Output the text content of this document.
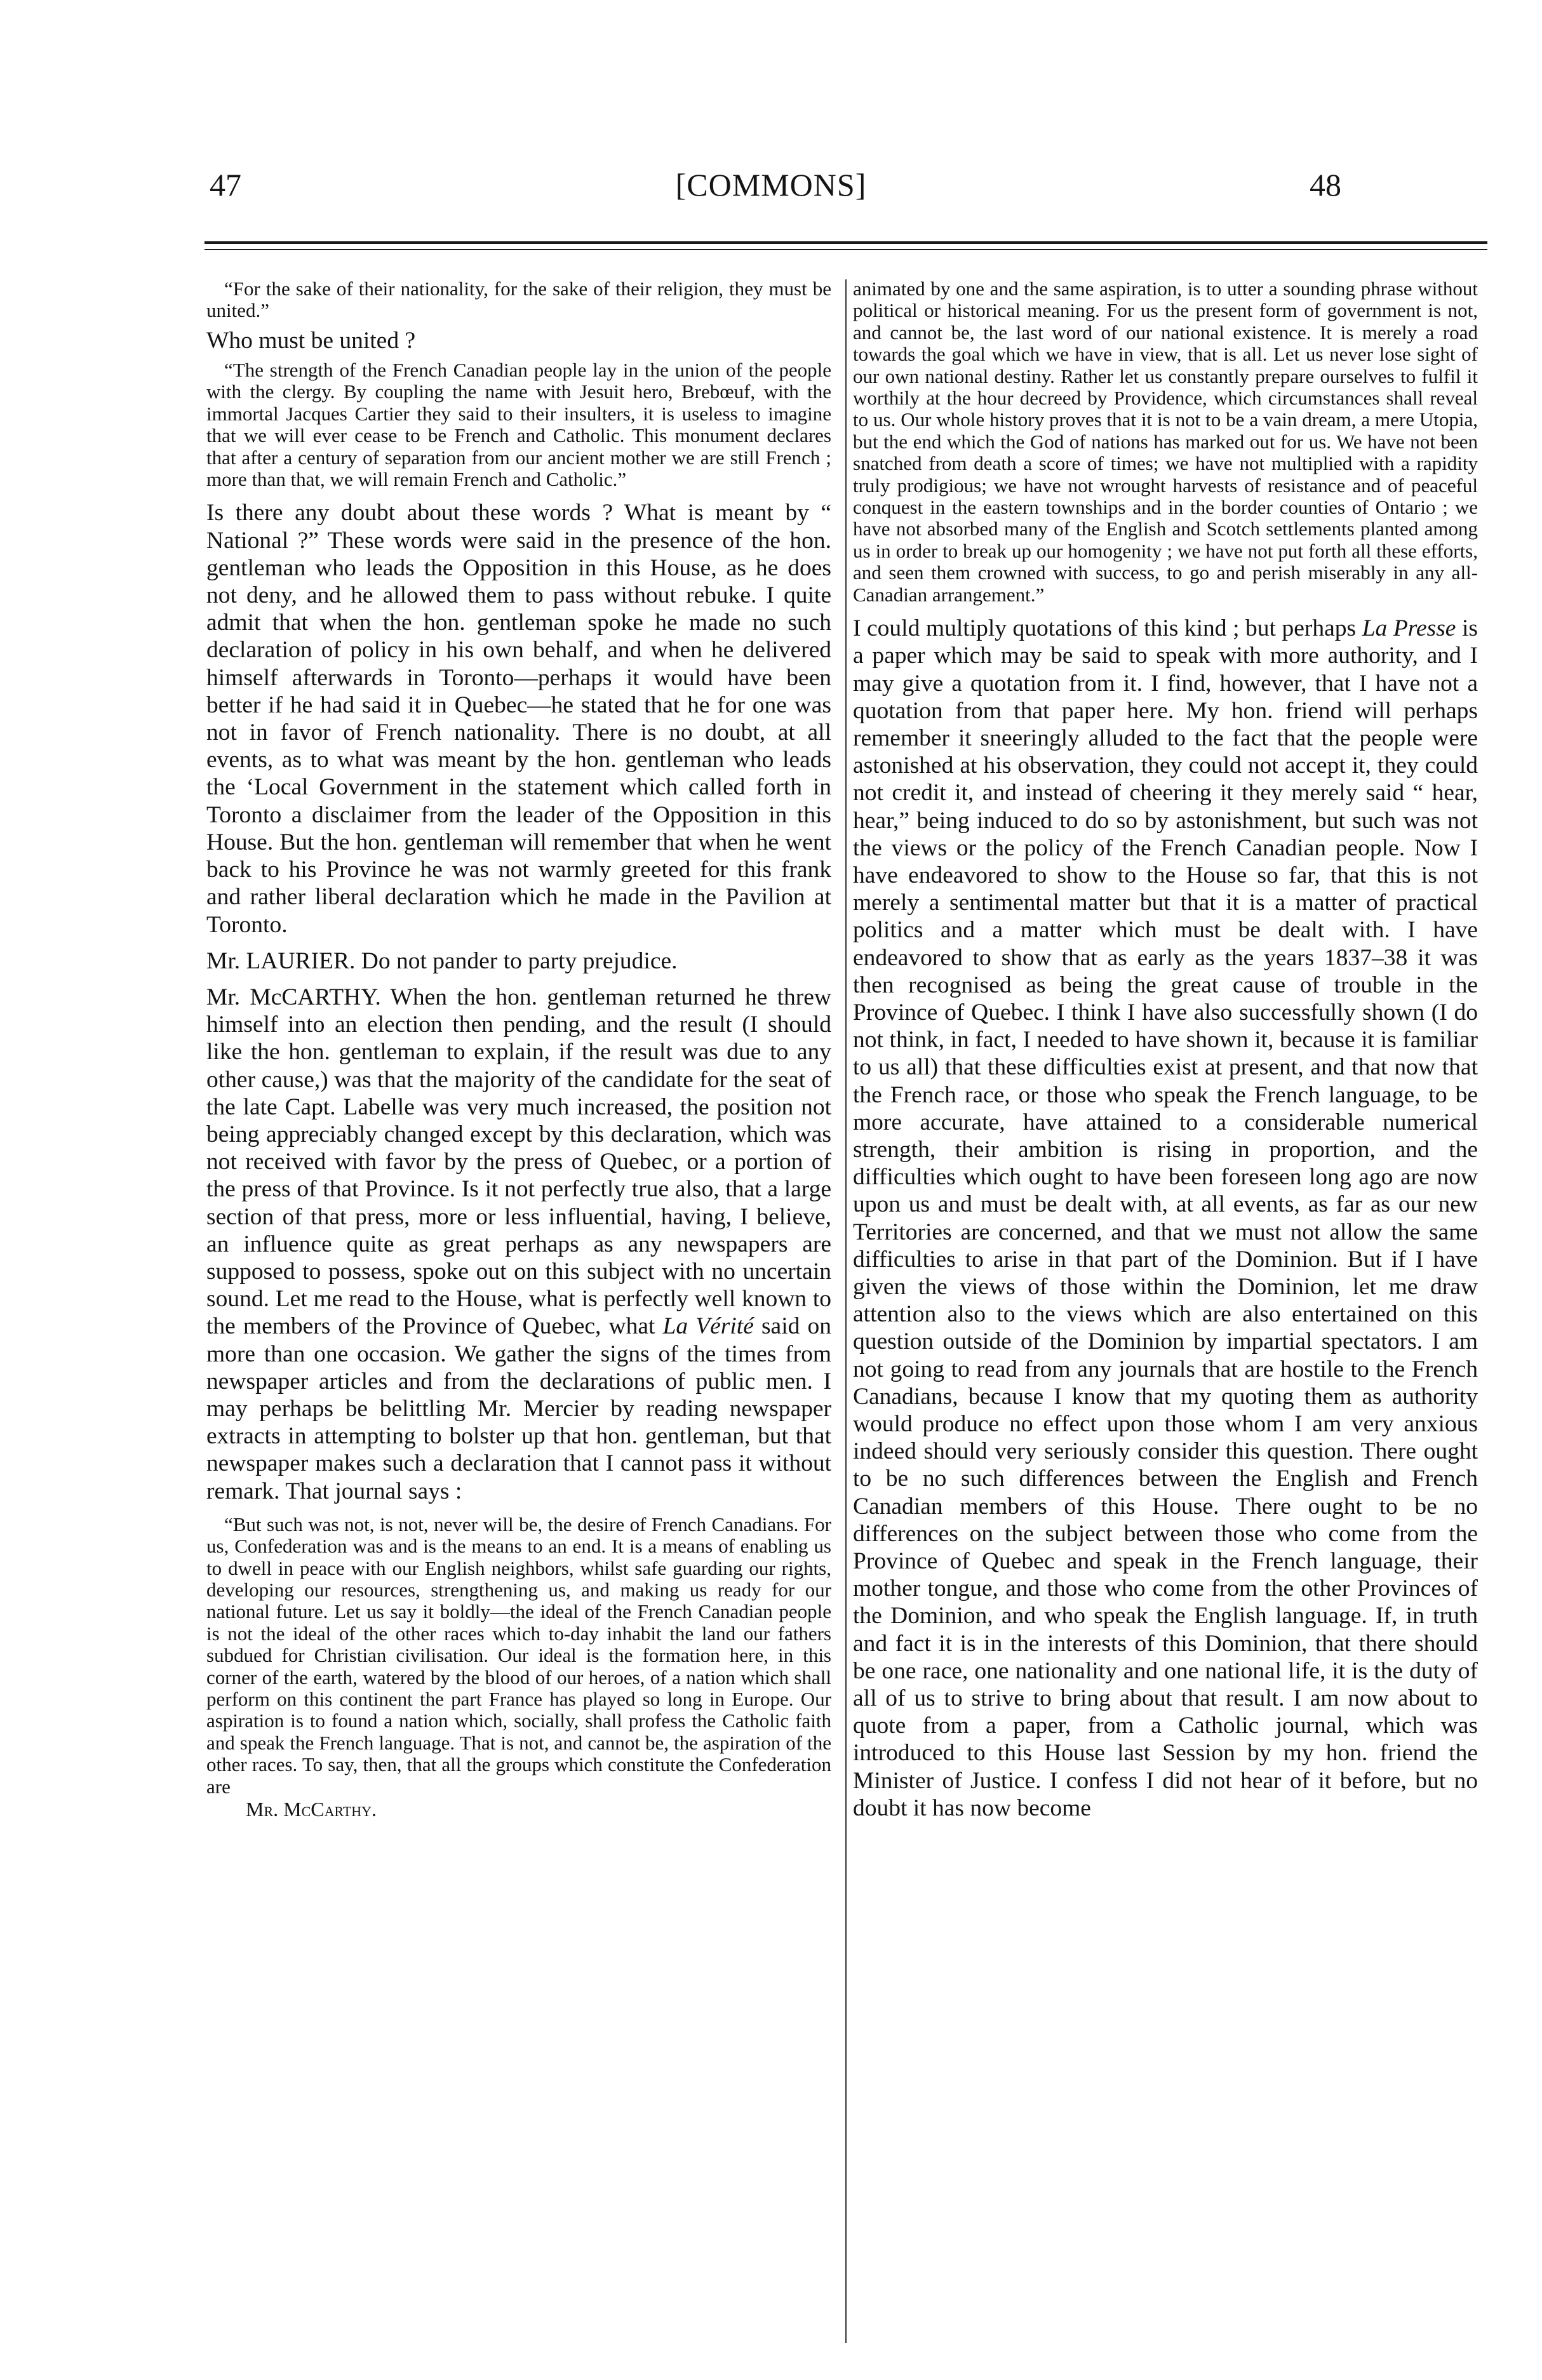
47	[COMMONS]	48

“For the sake of their nationality, for the sake of their religion, they must be united.”

Who must be united ?

“The strength of the French Canadian people lay in the union of the people with the clergy. By coupling the name with Jesuit hero, Brebœuf, with the immortal Jacques Cartier they said to their insulters, it is useless to imagine that we will ever cease to be French and Catholic. This monument declares that after a century of separation from our ancient mother we are still French ; more than that, we will remain French and Catholic.”

Is there any doubt about these words ? What is meant by “ National ?” These words were said in the presence of the hon. gentleman who leads the Opposition in this House, as he does not deny, and he allowed them to pass without rebuke. I quite admit that when the hon. gentleman spoke he made no such declaration of policy in his own behalf, and when he delivered himself afterwards in Toronto—perhaps it would have been better if he had said it in Quebec—he stated that he for one was not in favor of French nationality. There is no doubt, at all events, as to what was meant by the hon. gentleman who leads the ‘Local Government in the statement which called forth in Toronto a disclaimer from the leader of the Opposition in this House. But the hon. gentleman will remember that when he went back to his Province he was not warmly greeted for this frank and rather liberal declaration which he made in the Pavilion at Toronto.

Mr. LAURIER. Do not pander to party prejudice.

Mr. McCARTHY. When the hon. gentleman returned he threw himself into an election then pending, and the result (I should like the hon. gentleman to explain, if the result was due to any other cause,) was that the majority of the candidate for the seat of the late Capt. Labelle was very much increased, the position not being appreciably changed except by this declaration, which was not received with favor by the press of Quebec, or a portion of the press of that Province. Is it not perfectly true also, that a large section of that press, more or less influential, having, I believe, an influence quite as great perhaps as any newspapers are supposed to possess, spoke out on this subject with no uncertain sound. Let me read to the House, what is perfectly well known to the members of the Province of Quebec, what La Vérité said on more than one occasion. We gather the signs of the times from newspaper articles and from the declarations of public men. I may perhaps be belittling Mr. Mercier by reading newspaper extracts in attempting to bolster up that hon. gentleman, but that newspaper makes such a declaration that I cannot pass it without remark. That journal says :

“But such was not, is not, never will be, the desire of French Canadians. For us, Confederation was and is the means to an end. It is a means of enabling us to dwell in peace with our English neighbors, whilst safe guarding our rights, developing our resources, strengthening us, and making us ready for our national future. Let us say it boldly—the ideal of the French Canadian people is not the ideal of the other races which to-day inhabit the land our fathers subdued for Christian civilisation. Our ideal is the formation here, in this corner of the earth, watered by the blood of our heroes, of a nation which shall perform on this continent the part France has played so long in Europe. Our aspiration is to found a nation which, socially, shall profess the Catholic faith and speak the French language. That is not, and cannot be, the aspiration of the other races. To say, then, that all the groups which constitute the Confederation are

Mr. McCarthy.

animated by one and the same aspiration, is to utter a sounding phrase without political or historical meaning. For us the present form of government is not, and cannot be, the last word of our national existence. It is merely a road towards the goal which we have in view, that is all. Let us never lose sight of our own national destiny. Rather let us constantly prepare ourselves to fulfil it worthily at the hour decreed by Providence, which circumstances shall reveal to us. Our whole history proves that it is not to be a vain dream, a mere Utopia, but the end which the God of nations has marked out for us. We have not been snatched from death a score of times; we have not multiplied with a rapidity truly prodigious; we have not wrought harvests of resistance and of peaceful conquest in the eastern townships and in the border counties of Ontario ; we have not absorbed many of the English and Scotch settlements planted among us in order to break up our homogenity ; we have not put forth all these efforts, and seen them crowned with success, to go and perish miserably in any all-Canadian arrangement.”

I could multiply quotations of this kind ; but perhaps La Presse is a paper which may be said to speak with more authority, and I may give a quotation from it. I find, however, that I have not a quotation from that paper here. My hon. friend will perhaps remember it sneeringly alluded to the fact that the people were astonished at his observation, they could not accept it, they could not credit it, and instead of cheering it they merely said “ hear, hear,” being induced to do so by astonishment, but such was not the views or the policy of the French Canadian people. Now I have endeavored to show to the House so far, that this is not merely a sentimental matter but that it is a matter of practical politics and a matter which must be dealt with. I have endeavored to show that as early as the years 1837–38 it was then recognised as being the great cause of trouble in the Province of Quebec. I think I have also successfully shown (I do not think, in fact, I needed to have shown it, because it is familiar to us all) that these difficulties exist at present, and that now that the French race, or those who speak the French language, to be more accurate, have attained to a considerable numerical strength, their ambition is rising in proportion, and the difficulties which ought to have been foreseen long ago are now upon us and must be dealt with, at all events, as far as our new Territories are concerned, and that we must not allow the same difficulties to arise in that part of the Dominion. But if I have given the views of those within the Dominion, let me draw attention also to the views which are also entertained on this question outside of the Dominion by impartial spectators. I am not going to read from any journals that are hostile to the French Canadians, because I know that my quoting them as authority would produce no effect upon those whom I am very anxious indeed should very seriously consider this question. There ought to be no such differences between the English and French Canadian members of this House. There ought to be no differences on the subject between those who come from the Province of Quebec and speak in the French language, their mother tongue, and those who come from the other Provinces of the Dominion, and who speak the English language. If, in truth and fact it is in the interests of this Dominion, that there should be one race, one nationality and one national life, it is the duty of all of us to strive to bring about that result. I am now about to quote from a paper, from a Catholic journal, which was introduced to this House last Session by my hon. friend the Minister of Justice. I confess I did not hear of it before, but no doubt it has now become
